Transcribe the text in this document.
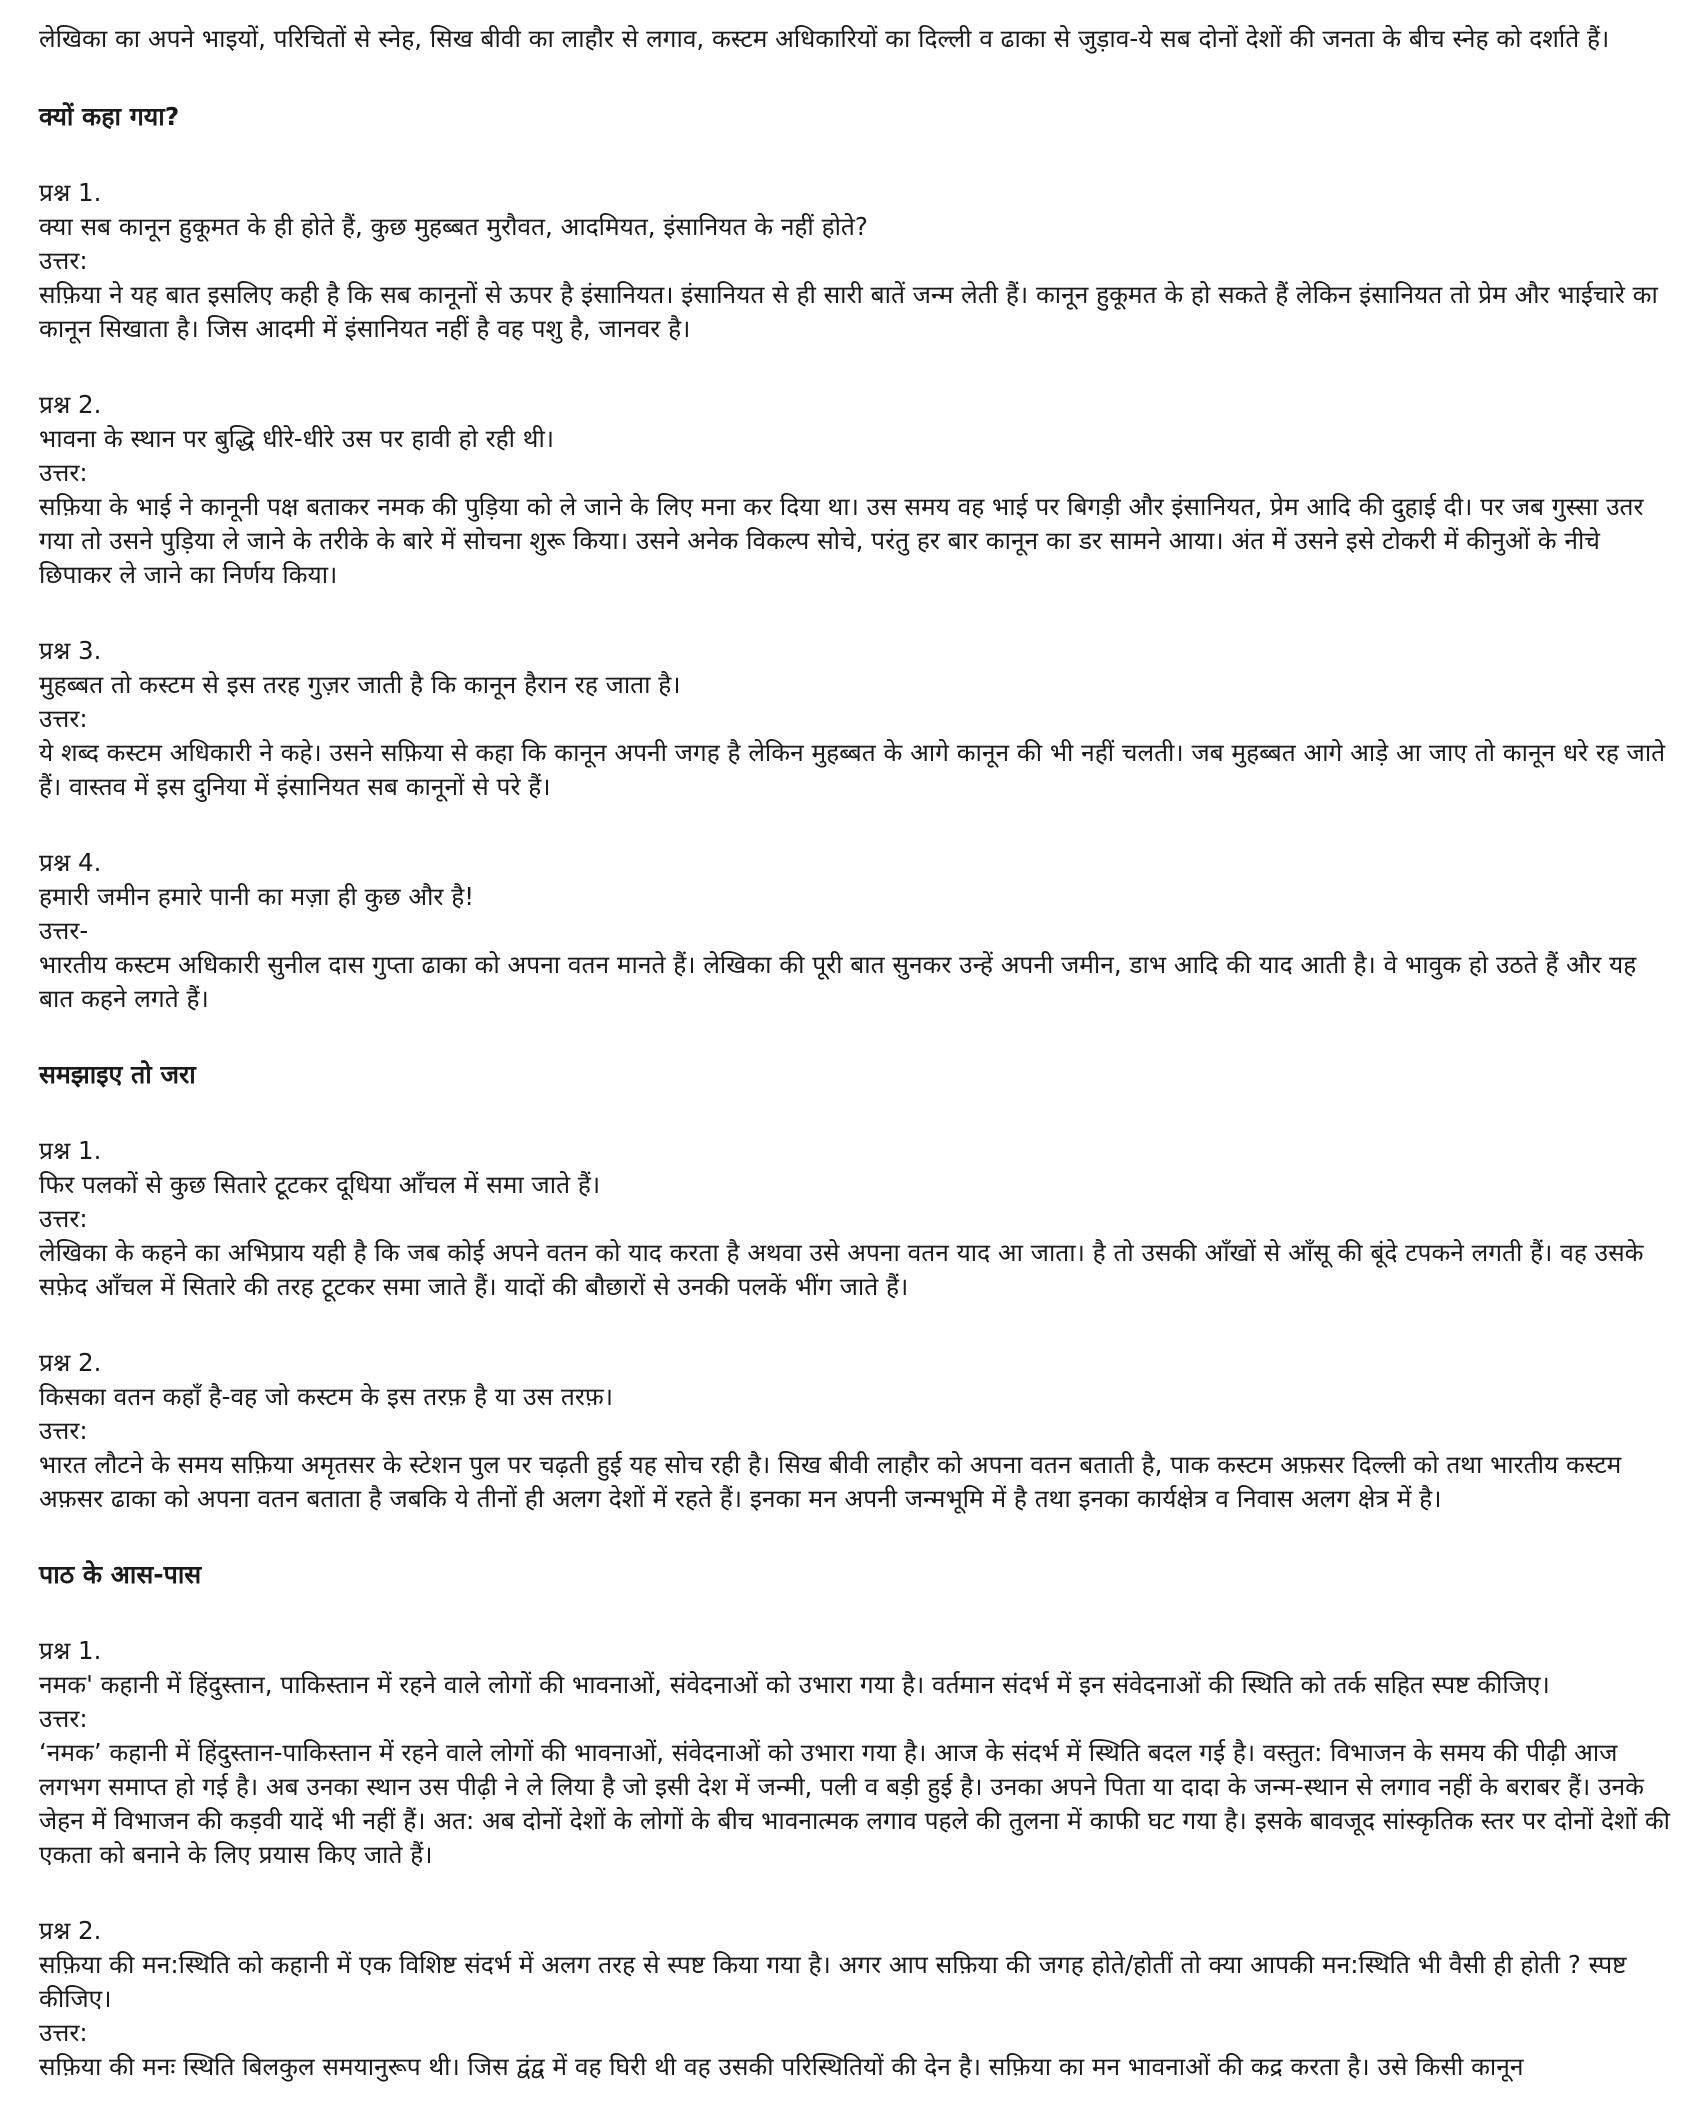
लेखिका का अपने भाइयों, परिचितों से स्नेह, सिख बीवी का लाहौर से लगाव, कस्टम अधिकारियों का दिल्ली व ढाका से जुड़ाव-ये सब दोनों देशों की जनता के बीच स्नेह को दर्शाते हैं।

क्यों कहा गया?

प्रश्न 1.

क्या सब कानून हुकूमत के ही होते हैं, कुछ मुहब्बत मुरौवत, आदमियत, इंसानियत के नहीं होते?

उत्तर:

सफ़िया ने यह बात इसलिए कही है कि सब कानूनों से ऊपर है इंसानियत। इंसानियत से ही सारी बातें जन्म लेती हैं। कानून हुकूमत के हो सकते हैं लेकिन इंसानियत तो प्रेम और भाईचारे का कानून सिखाता है। जिस आदमी में इंसानियत नहीं है वह पशु है, जानवर है।

प्रश्न 2.

भावना के स्थान पर बुद्धि धीरे-धीरे उस पर हावी हो रही थी।

उत्तर:

सफ़िया के भाई ने कानूनी पक्ष बताकर नमक की पुड़िया को ले जाने के लिए मना कर दिया था। उस समय वह भाई पर बिगड़ी और इंसानियत, प्रेम आदि की दुहाई दी। पर जब गुस्सा उतर गया तो उसने पुड़िया ले जाने के तरीके के बारे में सोचना शुरू किया। उसने अनेक विकल्प सोचे, परंतु हर बार कानून का डर सामने आया। अंत में उसने इसे टोकरी में कीनुओं के नीचे छिपाकर ले जाने का निर्णय किया।

प्रश्न 3.

मुहब्बत तो कस्टम से इस तरह गुज़र जाती है कि कानून हैरान रह जाता है।

उत्तर:

ये शब्द कस्टम अधिकारी ने कहे। उसने सफ़िया से कहा कि कानून अपनी जगह है लेकिन मुहब्बत के आगे कानून की भी नहीं चलती। जब मुहब्बत आगे आड़े आ जाए तो कानून धरे रह जाते हैं। वास्तव में इस दुनिया में इंसानियत सब कानूनों से परे हैं।

प्रश्न 4.

हमारी जमीन हमारे पानी का मज़ा ही कुछ और है!

उत्तर-

भारतीय कस्टम अधिकारी सुनील दास गुप्ता ढाका को अपना वतन मानते हैं। लेखिका की पूरी बात सुनकर उन्हें अपनी जमीन, डाभ आदि की याद आती है। वे भावुक हो उठते हैं और यह बात कहने लगते हैं।

समझाइए तो जरा

प्रश्न 1.

फिर पलकों से कुछ सितारे टूटकर दूधिया आँचल में समा जाते हैं।

उत्तर:

लेखिका के कहने का अभिप्राय यही है कि जब कोई अपने वतन को याद करता है अथवा उसे अपना वतन याद आ जाता। है तो उसकी आँखों से आँसू की बूंदे टपकने लगती हैं। वह उसके सफ़ेद आँचल में सितारे की तरह टूटकर समा जाते हैं। यादों की बौछारों से उनकी पलकें भींग जाते हैं।

प्रश्न 2.

किसका वतन कहाँ है-वह जो कस्टम के इस तरफ़ है या उस तरफ़।

उत्तर:

भारत लौटने के समय सफ़िया अमृतसर के स्टेशन पुल पर चढ़ती हुई यह सोच रही है। सिख बीवी लाहौर को अपना वतन बताती है, पाक कस्टम अफ़सर दिल्ली को तथा भारतीय कस्टम अफ़सर ढाका को अपना वतन बताता है जबकि ये तीनों ही अलग देशों में रहते हैं। इनका मन अपनी जन्मभूमि में है तथा इनका कार्यक्षेत्र व निवास अलग क्षेत्र में है।

पाठ के आस-पास

प्रश्न 1.

नमक' कहानी में हिंदुस्तान, पाकिस्तान में रहने वाले लोगों की भावनाओं, संवेदनाओं को उभारा गया है। वर्तमान संदर्भ में इन संवेदनाओं की स्थिति को तर्क सहित स्पष्ट कीजिए।

उत्तर:

‘नमक’ कहानी में हिंदुस्तान-पाकिस्तान में रहने वाले लोगों की भावनाओं, संवेदनाओं को उभारा गया है। आज के संदर्भ में स्थिति बदल गई है। वस्तुत: विभाजन के समय की पीढ़ी आज लगभग समाप्त हो गई है। अब उनका स्थान उस पीढ़ी ने ले लिया है जो इसी देश में जन्मी, पली व बड़ी हुई है। उनका अपने पिता या दादा के जन्म-स्थान से लगाव नहीं के बराबर हैं। उनके जेहन में विभाजन की कड़वी यादें भी नहीं हैं। अत: अब दोनों देशों के लोगों के बीच भावनात्मक लगाव पहले की तुलना में काफी घट गया है। इसके बावजूद सांस्कृतिक स्तर पर दोनों देशों की एकता को बनाने के लिए प्रयास किए जाते हैं।

प्रश्न 2.

सफ़िया की मन:स्थिति को कहानी में एक विशिष्ट संदर्भ में अलग तरह से स्पष्ट किया गया है। अगर आप सफ़िया की जगह होते/होतीं तो क्या आपकी मन:स्थिति भी वैसी ही होती ? स्पष्ट कीजिए।

उत्तर:

सफ़िया की मनः स्थिति बिलकुल समयानुरूप थी। जिस द्वंद्व में वह घिरी थी वह उसकी परिस्थितियों की देन है। सफ़िया का मन भावनाओं की कद्र करता है। उसे किसी कानून
